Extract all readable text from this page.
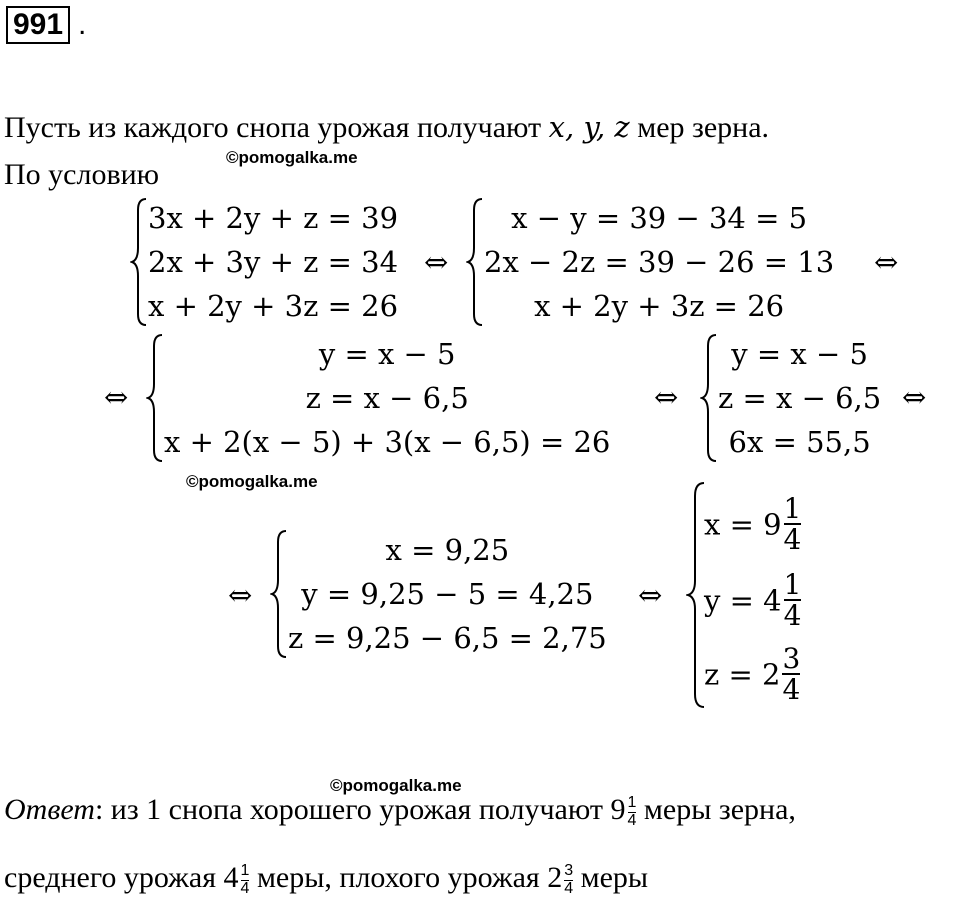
991 .
Пусть из каждого снопа урожая получают x, y, z мер зерна.
По условию
©pomogalka.me
3x + 2y + z = 39
2x + 3y + z = 34
x + 2y + 3z = 26
⇔
x − y = 39 − 34 = 5
2x − 2z = 39 − 26 = 13
x + 2y + 3z = 26
⇔
⇔
y = x − 5
z = x − 6,5
x + 2(x − 5) + 3(x − 6,5) = 26
⇔
y = x − 5
z = x − 6,5
6x = 55,5
⇔
©pomogalka.me
⇔
x = 9,25
y = 9,25 − 5 = 4,25
z = 9,25 − 6,5 = 2,75
⇔
$x = 9 \frac{1}{4}$
$y = 4 \frac{1}{4}$
$z = 2 \frac{3}{4}$
©pomogalka.me
Ответ: из 1 снопа хорошего урожая получают $9 \frac{1}{4}$ меры зерна,
среднего урожая $4 \frac{1}{4}$ меры, плохого урожая $2 \frac{3}{4}$ меры
